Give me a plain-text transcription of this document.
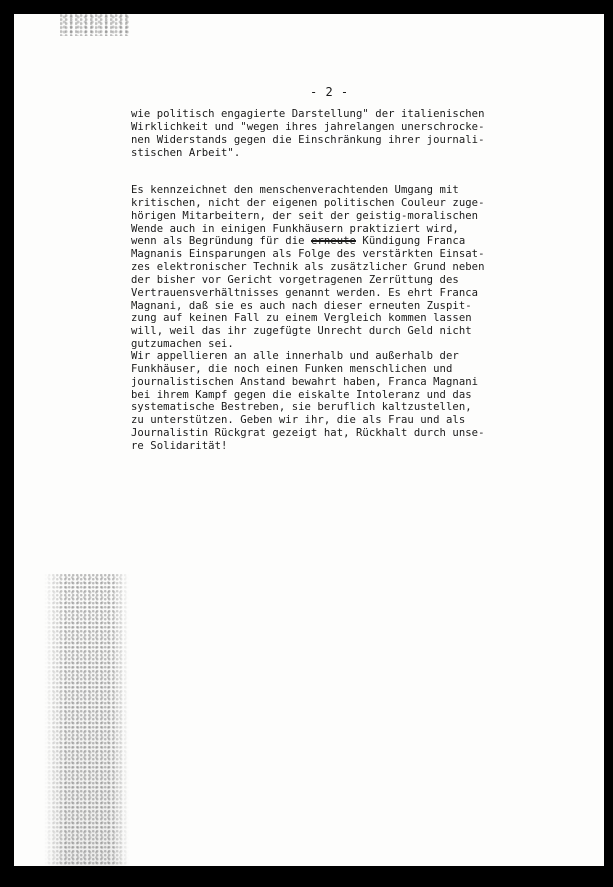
- 2 -
wie politisch engagierte Darstellung" der italienischen
Wirklichkeit und "wegen ihres jahrelangen unerschrocke-
nen Widerstands gegen die Einschränkung ihrer journali-
stischen Arbeit".
Es kennzeichnet den menschenverachtenden Umgang mit
kritischen, nicht der eigenen politischen Couleur zuge-
hörigen Mitarbeitern, der seit der geistig-moralischen
Wende auch in einigen Funkhäusern praktiziert wird,
wenn als Begründung für die erneute Kündigung Franca
Magnanis Einsparungen als Folge des verstärkten Einsat-
zes elektronischer Technik als zusätzlicher Grund neben
der bisher vor Gericht vorgetragenen Zerrüttung des
Vertrauensverhältnisses genannt werden. Es ehrt Franca
Magnani, daß sie es auch nach dieser erneuten Zuspit-
zung auf keinen Fall zu einem Vergleich kommen lassen
will, weil das ihr zugefügte Unrecht durch Geld nicht
gutzumachen sei.
Wir appellieren an alle innerhalb und außerhalb der
Funkhäuser, die noch einen Funken menschlichen und
journalistischen Anstand bewahrt haben, Franca Magnani
bei ihrem Kampf gegen die eiskalte Intoleranz und das
systematische Bestreben, sie beruflich kaltzustellen,
zu unterstützen. Geben wir ihr, die als Frau und als
Journalistin Rückgrat gezeigt hat, Rückhalt durch unse-
re Solidarität!
